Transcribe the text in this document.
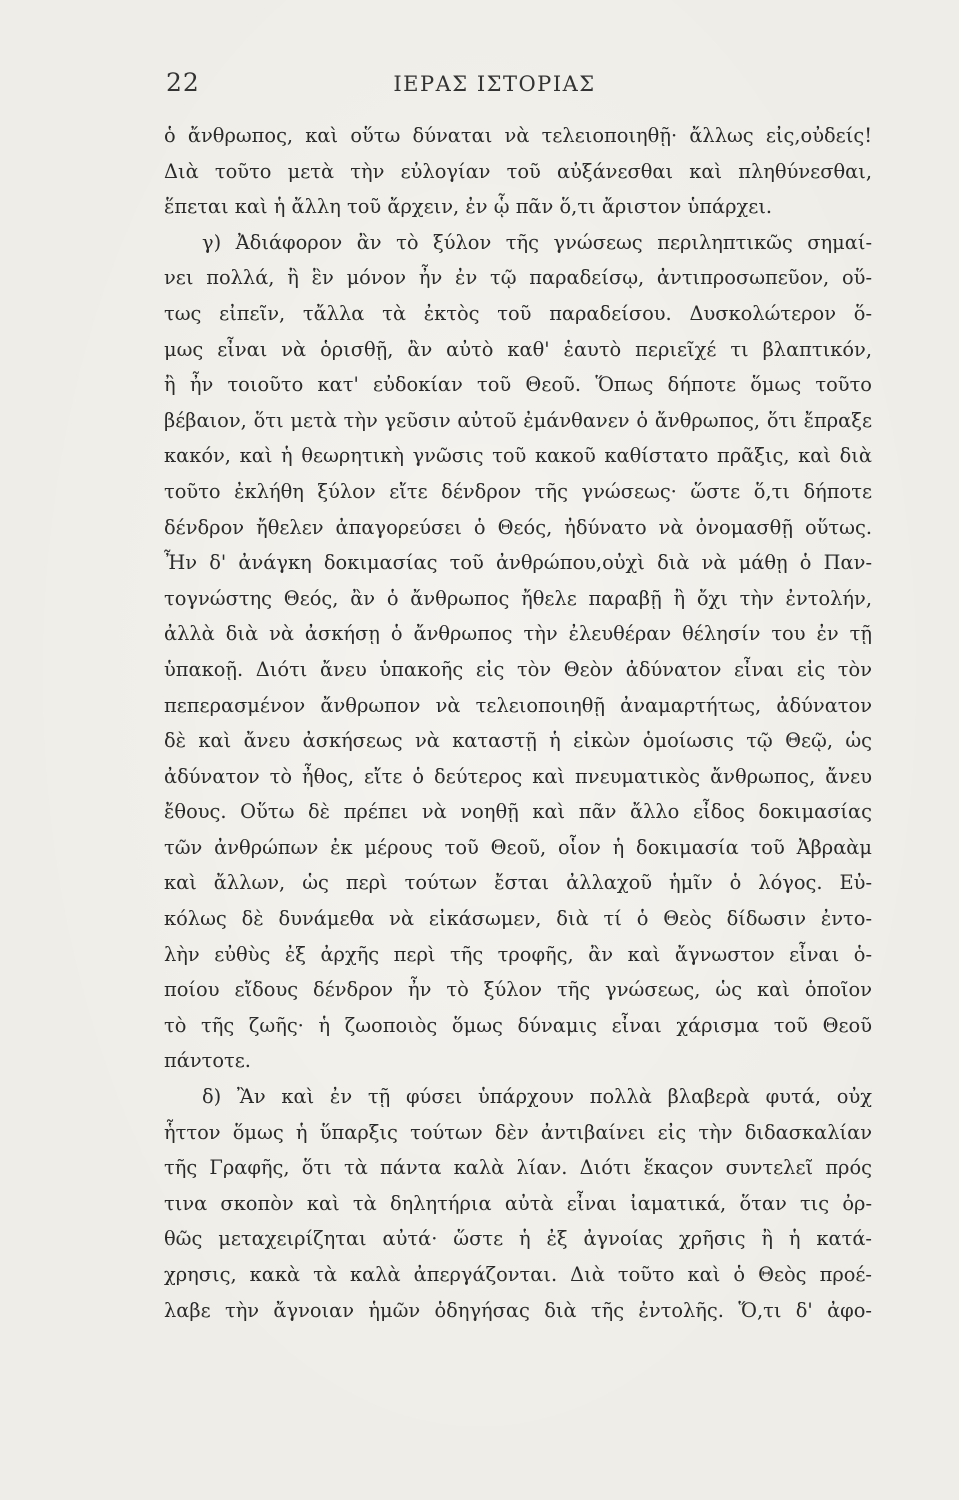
22	ΙΕΡΑΣ ΙΣΤΟΡΙΑΣ
ὁ ἄνθρωπος, καὶ οὕτω δύναται νὰ τελειοποιηθῇ· ἄλλως εἰς,οὐδείς!
Διὰ τοῦτο μετὰ τὴν εὐλογίαν τοῦ αὐξάνεσθαι καὶ πληθύνεσθαι,
ἕπεται καὶ ἡ ἄλλη τοῦ ἄρχειν, ἐν ᾧ πᾶν ὅ,τι ἄριστον ὑπάρχει.
γ) Ἀδιάφορον ἂν τὸ ξύλον τῆς γνώσεως περιληπτικῶς σημαί-
νει πολλά, ἢ ἓν μόνον ἦν ἐν τῷ παραδείσῳ, ἀντιπροσωπεῦον, οὕ-
τως εἰπεῖν, τἄλλα τὰ ἐκτὸς τοῦ παραδείσου. Δυσκολώτερον ὅ-
μως εἶναι νὰ ὁρισθῇ, ἂν αὐτὸ καθ' ἑαυτὸ περιεῖχέ τι βλαπτικόν,
ἢ ἦν τοιοῦτο κατ' εὐδοκίαν τοῦ Θεοῦ. Ὅπως δήποτε ὅμως τοῦτο
βέβαιον, ὅτι μετὰ τὴν γεῦσιν αὐτοῦ ἐμάνθανεν ὁ ἄνθρωπος, ὅτι ἔπραξε
κακόν, καὶ ἡ θεωρητικὴ γνῶσις τοῦ κακοῦ καθίστατο πρᾶξις, καὶ διὰ
τοῦτο ἐκλήθη ξύλον εἴτε δένδρον τῆς γνώσεως· ὥστε ὅ,τι δήποτε
δένδρον ἤθελεν ἀπαγορεύσει ὁ Θεός, ἠδύνατο νὰ ὀνομασθῇ οὕτως.
Ἦν δ' ἀνάγκη δοκιμασίας τοῦ ἀνθρώπου,οὐχὶ διὰ νὰ μάθῃ ὁ Παν-
τογνώστης Θεός, ἂν ὁ ἄνθρωπος ἤθελε παραβῇ ἢ ὄχι τὴν ἐντολήν,
ἀλλὰ διὰ νὰ ἀσκήσῃ ὁ ἄνθρωπος τὴν ἐλευθέραν θέλησίν του ἐν τῇ
ὑπακοῇ. Διότι ἄνευ ὑπακοῆς εἰς τὸν Θεὸν ἀδύνατον εἶναι εἰς τὸν
πεπερασμένον ἄνθρωπον νὰ τελειοποιηθῇ ἀναμαρτήτως, ἀδύνατον
δὲ καὶ ἄνευ ἀσκήσεως νὰ καταστῇ ἡ εἰκὼν ὁμοίωσις τῷ Θεῷ, ὡς
ἀδύνατον τὸ ἦθος, εἴτε ὁ δεύτερος καὶ πνευματικὸς ἄνθρωπος, ἄνευ
ἔθους. Οὕτω δὲ πρέπει νὰ νοηθῇ καὶ πᾶν ἄλλο εἶδος δοκιμασίας
τῶν ἀνθρώπων ἐκ μέρους τοῦ Θεοῦ, οἷον ἡ δοκιμασία τοῦ Ἀβραὰμ
καὶ ἄλλων, ὡς περὶ τούτων ἔσται ἀλλαχοῦ ἡμῖν ὁ λόγος. Εὐ-
κόλως δὲ δυνάμεθα νὰ εἰκάσωμεν, διὰ τί ὁ Θεὸς δίδωσιν ἐντο-
λὴν εὐθὺς ἐξ ἀρχῆς περὶ τῆς τροφῆς, ἂν καὶ ἄγνωστον εἶναι ὁ-
ποίου εἴδους δένδρον ἦν τὸ ξύλον τῆς γνώσεως, ὡς καὶ ὁποῖον
τὸ τῆς ζωῆς· ἡ ζωοποιὸς ὅμως δύναμις εἶναι χάρισμα τοῦ Θεοῦ
πάντοτε.
δ) Ἂν καὶ ἐν τῇ φύσει ὑπάρχουν πολλὰ βλαβερὰ φυτά, οὐχ
ἧττον ὅμως ἡ ὕπαρξις τούτων δὲν ἀντιβαίνει εἰς τὴν διδασκαλίαν
τῆς Γραφῆς, ὅτι τὰ πάντα καλὰ λίαν. Διότι ἕκαςον συντελεῖ πρός
τινα σκοπὸν καὶ τὰ δηλητήρια αὐτὰ εἶναι ἰαματικά, ὅταν τις ὀρ-
θῶς μεταχειρίζηται αὐτά· ὥστε ἡ ἐξ ἀγνοίας χρῆσις ἢ ἡ κατά-
χρησις, κακὰ τὰ καλὰ ἀπεργάζονται. Διὰ τοῦτο καὶ ὁ Θεὸς προέ-
λαβε τὴν ἄγνοιαν ἡμῶν ὁδηγήσας διὰ τῆς ἐντολῆς. Ὅ,τι δ' ἀφο-
